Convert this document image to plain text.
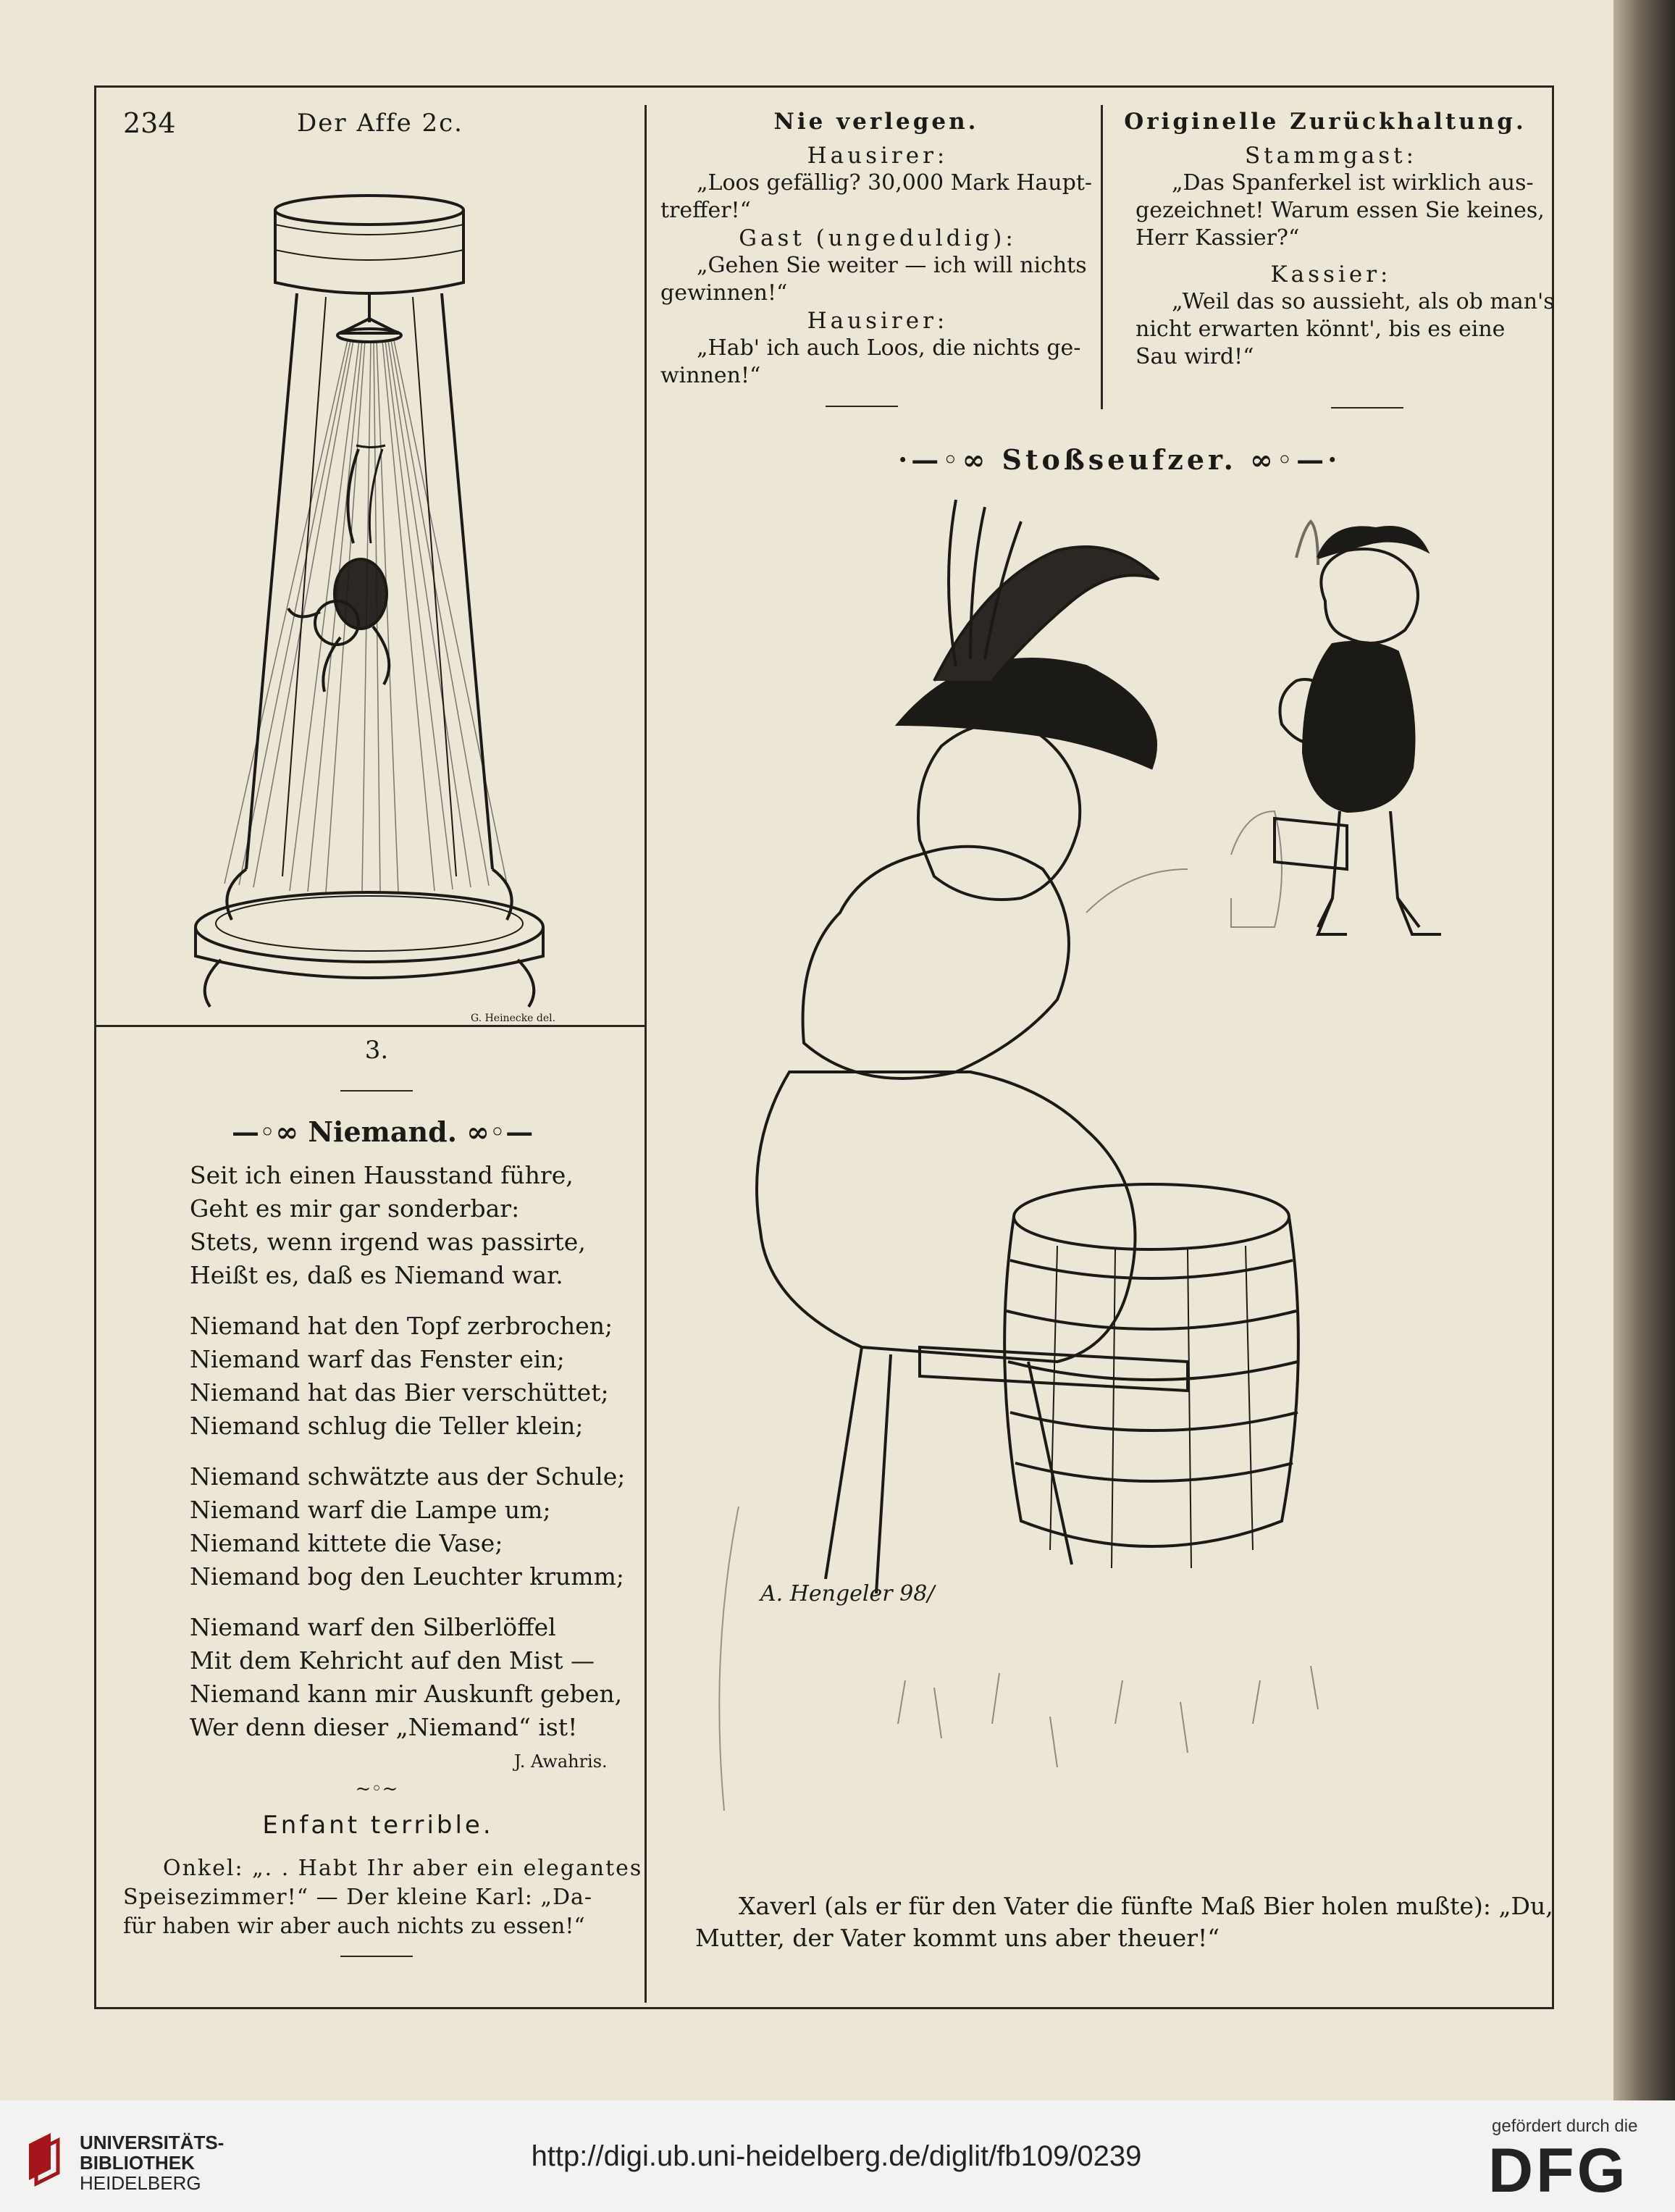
234	Der Affe 2c.
G. Heinecke del.
3.
—◦∞ Niemand. ∞◦—
Seit ich einen Hausstand führe,
Geht es mir gar sonderbar:
Stets, wenn irgend was passirte,
Heißt es, daß es Niemand war.
Niemand hat den Topf zerbrochen;
Niemand warf das Fenster ein;
Niemand hat das Bier verschüttet;
Niemand schlug die Teller klein;
Niemand schwätzte aus der Schule;
Niemand warf die Lampe um;
Niemand kittete die Vase;
Niemand bog den Leuchter krumm;
Niemand warf den Silberlöffel
Mit dem Kehricht auf den Mist —
Niemand kann mir Auskunft geben,
Wer denn dieser „Niemand“ ist!
J. Awahris.
~◦~
Enfant terrible.
Onkel: „. . Habt Ihr aber ein elegantes
Speisezimmer!“ — Der kleine Karl: „Da-
für haben wir aber auch nichts zu essen!“
Nie verlegen.
Hausirer:
„Loos gefällig? 30,000 Mark Haupt-
treffer!“
Gast (ungeduldig):
„Gehen Sie weiter — ich will nichts
gewinnen!“
Hausirer:
„Hab' ich auch Loos, die nichts ge-
winnen!“
Originelle Zurückhaltung.
Stammgast:
„Das Spanferkel ist wirklich aus-
gezeichnet! Warum essen Sie keines,
Herr Kassier?“
Kassier:
„Weil das so aussieht, als ob man's
nicht erwarten könnt', bis es eine
Sau wird!“
·—◦∞ Stoßseufzer. ∞◦—·
A. Hengeler 98/
Xaverl (als er für den Vater die fünfte Maß Bier holen mußte): „Du,
Mutter, der Vater kommt uns aber theuer!“
UNIVERSITÄTS-
BIBLIOTHEK
HEIDELBERG
http://digi.ub.uni-heidelberg.de/diglit/fb109/0239
gefördert durch die
DFG
